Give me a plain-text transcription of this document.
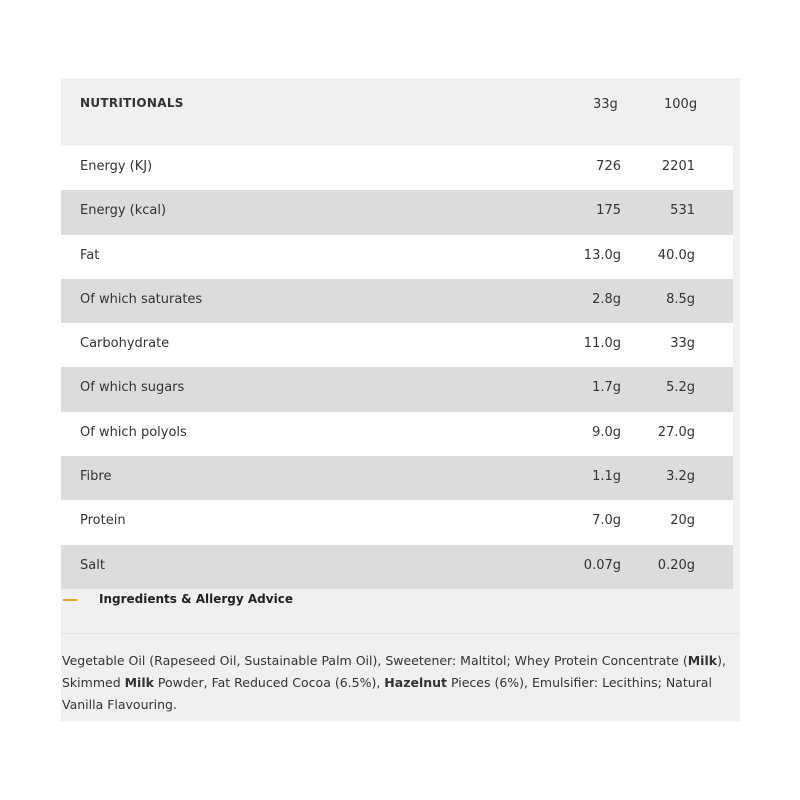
NUTRITIONALS	33g	100g
Energy (KJ)	726	2201
Energy (kcal)	175	531
Fat	13.0g	40.0g
Of which saturates	2.8g	8.5g
Carbohydrate	11.0g	33g
Of which sugars	1.7g	5.2g
Of which polyols	9.0g	27.0g
Fibre	1.1g	3.2g
Protein	7.0g	20g
Salt	0.07g	0.20g
Ingredients & Allergy Advice
Vegetable Oil (Rapeseed Oil, Sustainable Palm Oil), Sweetener: Maltitol; Whey Protein Concentrate (Milk), Skimmed Milk Powder, Fat Reduced Cocoa (6.5%), Hazelnut Pieces (6%), Emulsifier: Lecithins; Natural Vanilla Flavouring.
